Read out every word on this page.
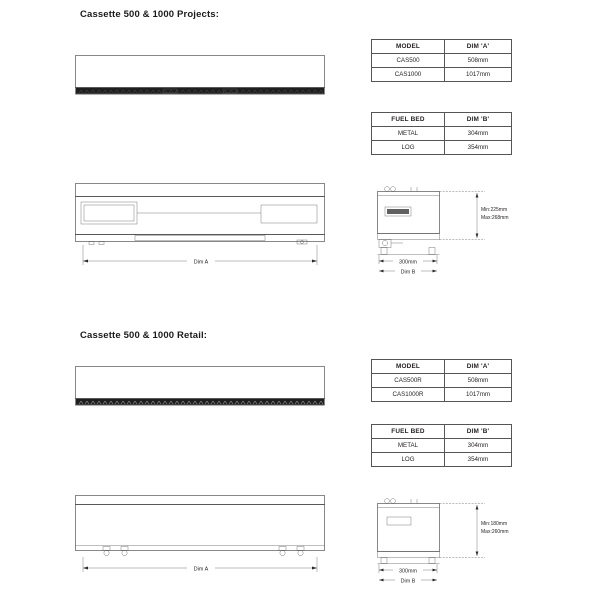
Cassette 500 & 1000 Projects:
MODEL	DIM 'A'
CAS500	508mm
CAS1000	1017mm
FUEL BED	DIM 'B'
METAL	304mm
LOG	354mm
Dim A	300mm
Dim B
Min:225mm
Max:268mm
Cassette 500 & 1000 Retail:
MODEL	DIM 'A'
CAS500R	508mm
CAS1000R	1017mm
FUEL BED	DIM 'B'
METAL	304mm
LOG	354mm
Dim A	300mm
Dim B
Min:180mm
Max:260mm
